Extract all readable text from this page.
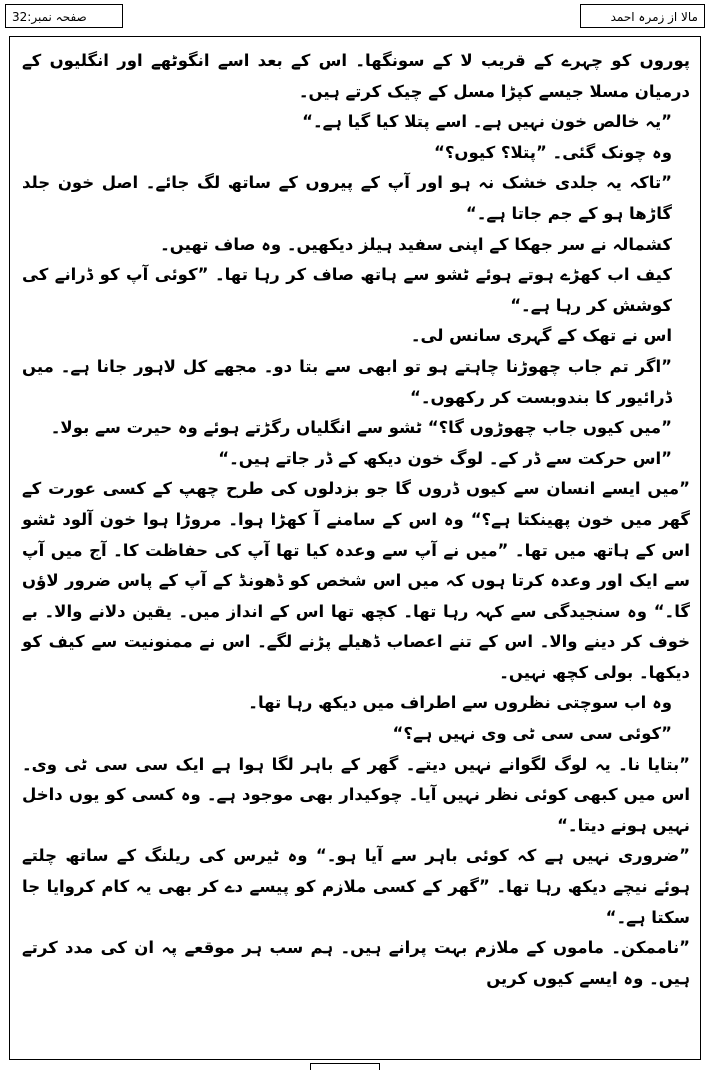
صفحہ نمبر:32	مالا از زمرہ احمد

پوروں کو چہرے کے قریب لا کے سونگھا۔ اس کے بعد اسے انگوٹھے اور انگلیوں کے درمیان مسلا جیسے کپڑا مسل کے چیک کرتے ہیں۔

”یہ خالص خون نہیں ہے۔ اسے پتلا کیا گیا ہے۔“

وہ چونک گئی۔ ”پتلا؟ کیوں؟“

”تاکہ یہ جلدی خشک نہ ہو اور آپ کے پیروں کے ساتھ لگ جائے۔ اصل خون جلد گاڑھا ہو کے جم جاتا ہے۔“

کشمالہ نے سر جھکا کے اپنی سفید ہیلز دیکھیں۔ وہ صاف تھیں۔

کیف اب کھڑے ہوتے ہوئے ٹشو سے ہاتھ صاف کر رہا تھا۔ ”کوئی آپ کو ڈرانے کی کوشش کر رہا ہے۔“

اس نے تھک کے گہری سانس لی۔

”اگر تم جاب چھوڑنا چاہتے ہو تو ابھی سے بتا دو۔ مجھے کل لاہور جانا ہے۔ میں ڈرائیور کا بندوبست کر رکھوں۔“

”میں کیوں جاب چھوڑوں گا؟“ ٹشو سے انگلیاں رگڑتے ہوئے وہ حیرت سے بولا۔

”اس حرکت سے ڈر کے۔ لوگ خون دیکھ کے ڈر جاتے ہیں۔“

”میں ایسے انسان سے کیوں ڈروں گا جو بزدلوں کی طرح چھپ کے کسی عورت کے گھر میں خون پھینکتا ہے؟“ وہ اس کے سامنے آ کھڑا ہوا۔ مروڑا ہوا خون آلود ٹشو اس کے ہاتھ میں تھا۔ ”میں نے آپ سے وعدہ کیا تھا آپ کی حفاظت کا۔ آج میں آپ سے ایک اور وعدہ کرتا ہوں کہ میں اس شخص کو ڈھونڈ کے آپ کے پاس ضرور لاؤں گا۔“ وہ سنجیدگی سے کہہ رہا تھا۔ کچھ تھا اس کے انداز میں۔ یقین دلانے والا۔ بے خوف کر دینے والا۔ اس کے تنے اعصاب ڈھیلے پڑنے لگے۔ اس نے ممنونیت سے کیف کو دیکھا۔ بولی کچھ نہیں۔

وہ اب سوچتی نظروں سے اطراف میں دیکھ رہا تھا۔

”کوئی سی سی ٹی وی نہیں ہے؟“

”بتایا نا۔ یہ لوگ لگوانے نہیں دیتے۔ گھر کے باہر لگا ہوا ہے ایک سی سی ٹی وی۔ اس میں کبھی کوئی نظر نہیں آیا۔ چوکیدار بھی موجود ہے۔ وہ کسی کو یوں داخل نہیں ہونے دیتا۔“

”ضروری نہیں ہے کہ کوئی باہر سے آیا ہو۔“ وہ ٹیرس کی ریلنگ کے ساتھ چلتے ہوئے نیچے دیکھ رہا تھا۔ ”گھر کے کسی ملازم کو پیسے دے کر بھی یہ کام کروایا جا سکتا ہے۔“

”ناممکن۔ ماموں کے ملازم بہت پرانے ہیں۔ ہم سب ہر موقعے پہ ان کی مدد کرتے ہیں۔ وہ ایسے کیوں کریں
